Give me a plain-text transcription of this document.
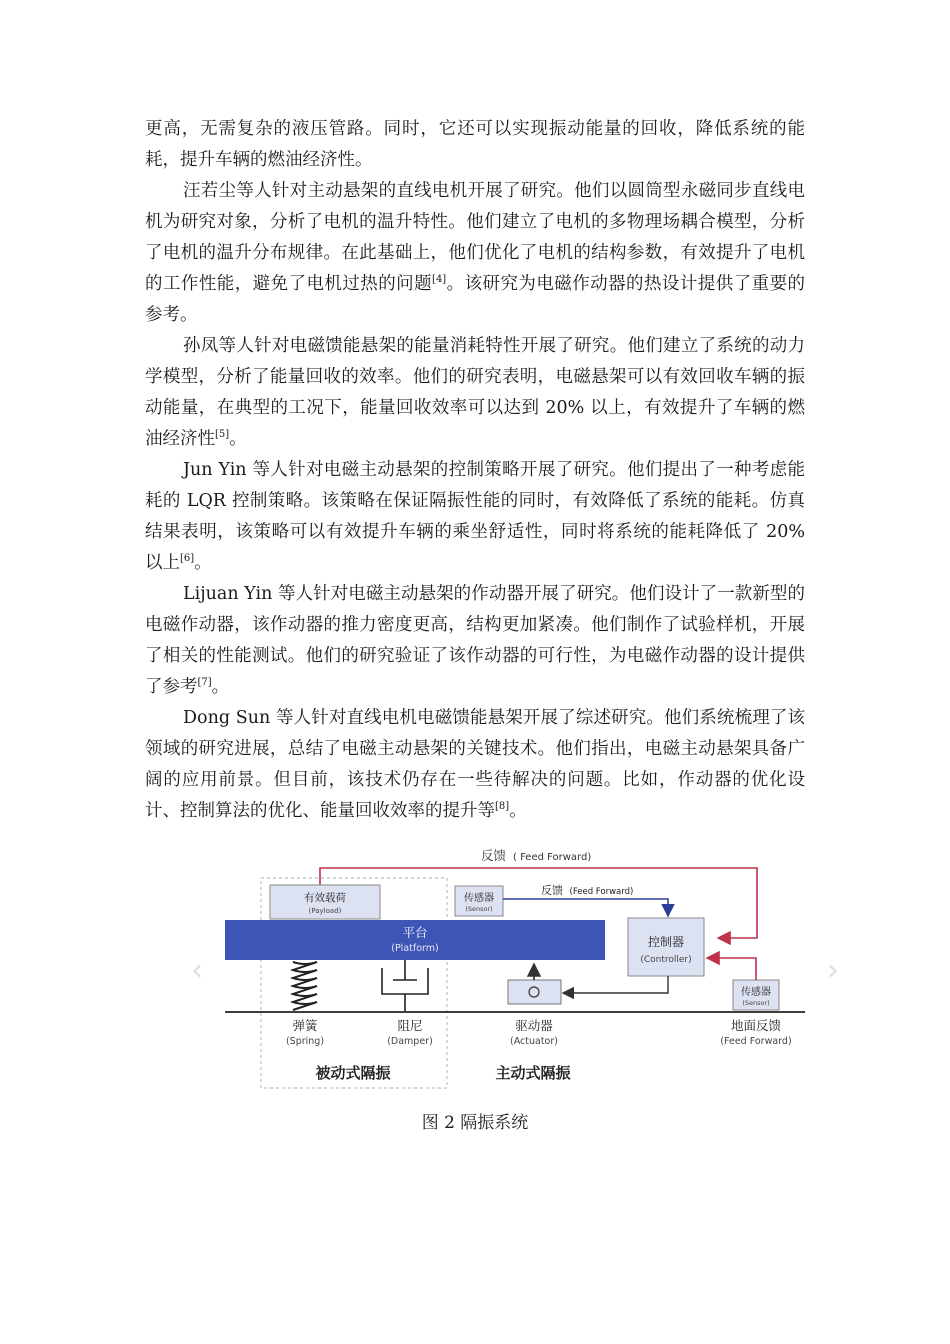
更高，无需复杂的液压管路。同时，它还可以实现振动能量的回收，降低系统的能耗，提升车辆的燃油经济性。

汪若尘等人针对主动悬架的直线电机开展了研究。他们以圆筒型永磁同步直线电机为研究对象，分析了电机的温升特性。他们建立了电机的多物理场耦合模型，分析了电机的温升分布规律。在此基础上，他们优化了电机的结构参数，有效提升了电机的工作性能，避免了电机过热的问题[4]。该研究为电磁作动器的热设计提供了重要的参考。

孙凤等人针对电磁馈能悬架的能量消耗特性开展了研究。他们建立了系统的动力学模型，分析了能量回收的效率。他们的研究表明，电磁悬架可以有效回收车辆的振动能量，在典型的工况下，能量回收效率可以达到 20% 以上，有效提升了车辆的燃油经济性[5]。

Jun Yin 等人针对电磁主动悬架的控制策略开展了研究。他们提出了一种考虑能耗的 LQR 控制策略。该策略在保证隔振性能的同时，有效降低了系统的能耗。仿真结果表明，该策略可以有效提升车辆的乘坐舒适性，同时将系统的能耗降低了 20% 以上[6]。

Lijuan Yin 等人针对电磁主动悬架的作动器开展了研究。他们设计了一款新型的电磁作动器，该作动器的推力密度更高，结构更加紧凑。他们制作了试验样机，开展了相关的性能测试。他们的研究验证了该作动器的可行性，为电磁作动器的设计提供了参考[7]。

Dong Sun 等人针对直线电机电磁馈能悬架开展了综述研究。他们系统梳理了该领域的研究进展，总结了电磁主动悬架的关键技术。他们指出，电磁主动悬架具备广阔的应用前景。但目前，该技术仍存在一些待解决的问题。比如，作动器的优化设计、控制算法的优化、能量回收效率的提升等[8]。

‹	›
反馈 ( Feed Forward)
有效载荷
(Payload)
传感器
(Sensor)
反馈 (Feed Forward)
平台
(Platform)	控制器
(Controller)
传感器
(Sensor)
弹簧
(Spring)
阻尼
(Damper)
驱动器
(Actuator)
地面反馈
(Feed Forward)
被动式隔振	主动式隔振
图 2 隔振系统
